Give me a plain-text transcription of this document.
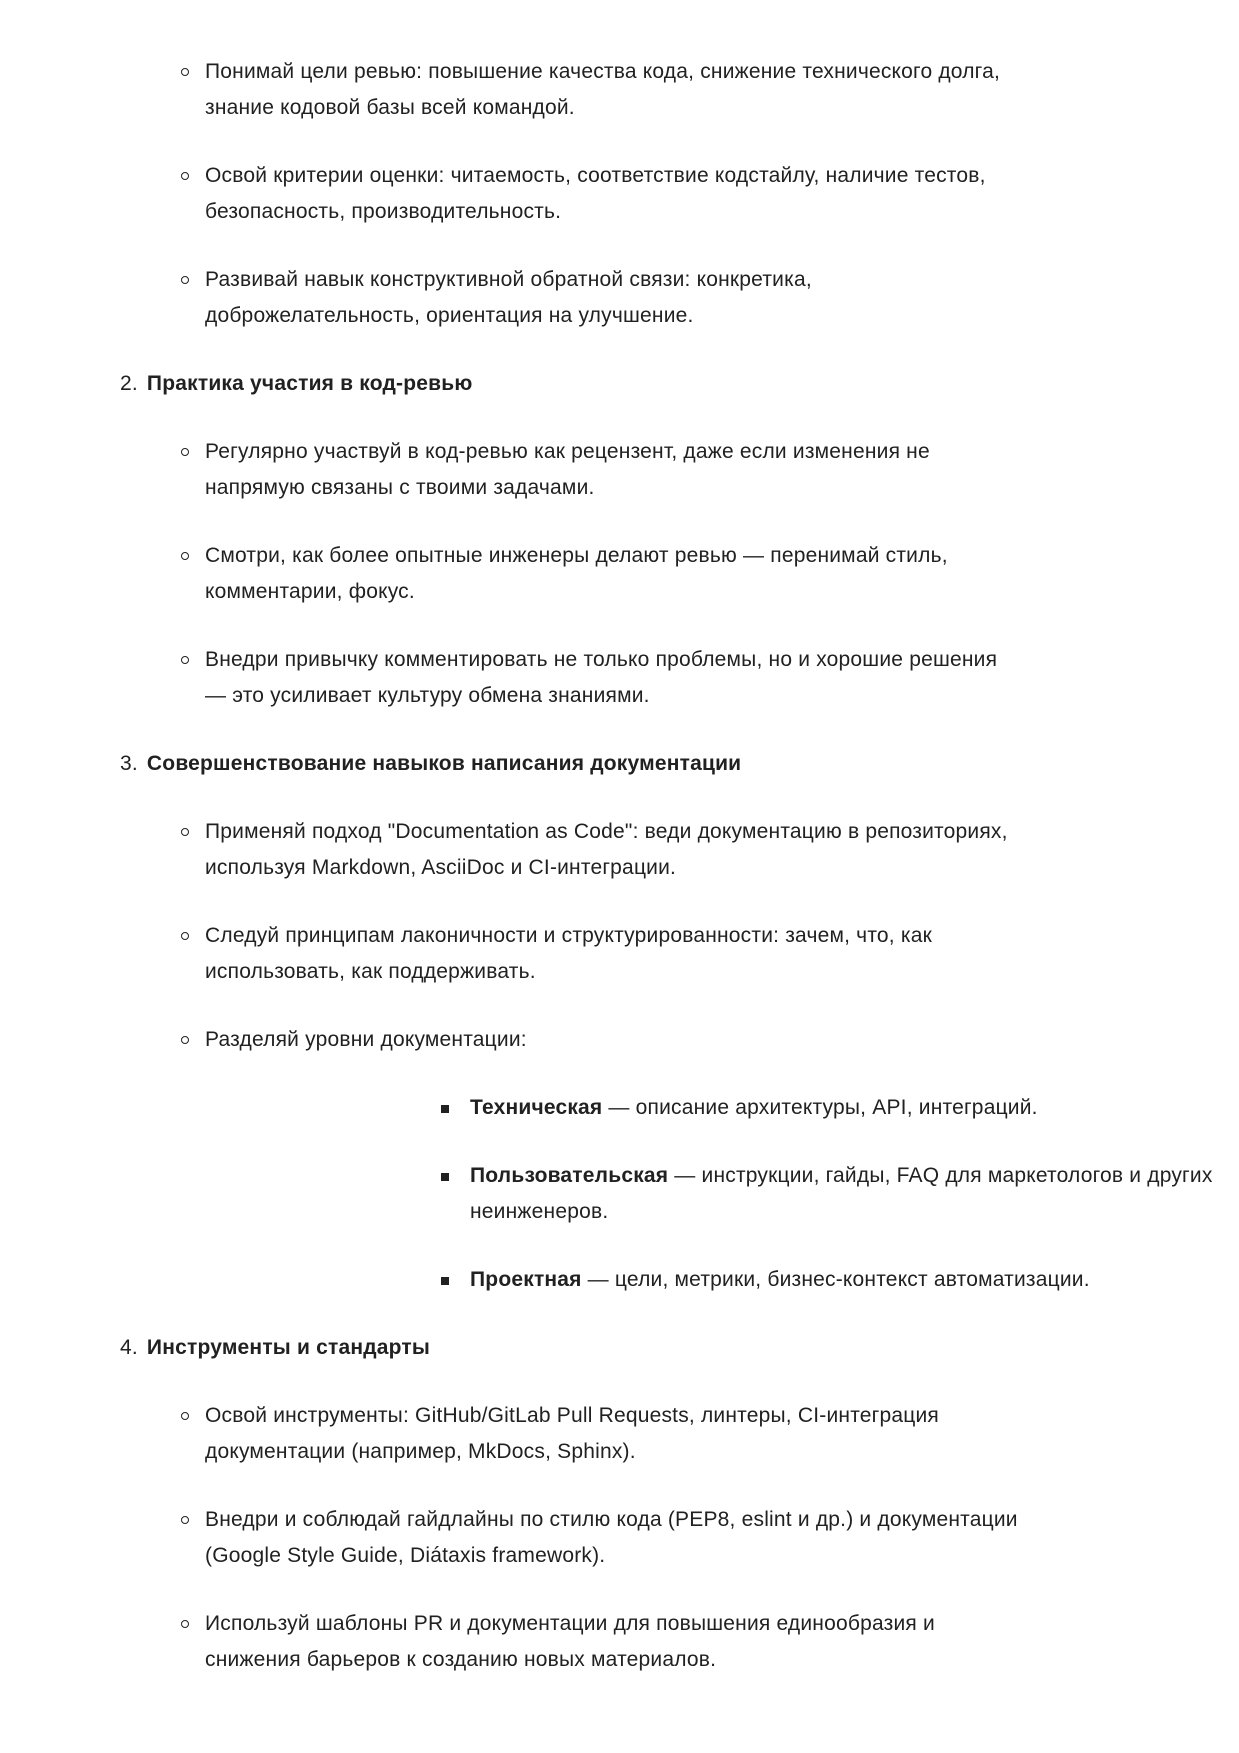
Понимай цели ревью: повышение качества кода, снижение технического долга,
знание кодовой базы всей командой.

Освой критерии оценки: читаемость, соответствие кодстайлу, наличие тестов,
безопасность, производительность.

Развивай навык конструктивной обратной связи: конкретика,
доброжелательность, ориентация на улучшение.

2. Практика участия в код-ревью

Регулярно участвуй в код-ревью как рецензент, даже если изменения не
напрямую связаны с твоими задачами.

Смотри, как более опытные инженеры делают ревью — перенимай стиль,
комментарии, фокус.

Внедри привычку комментировать не только проблемы, но и хорошие решения
— это усиливает культуру обмена знаниями.

3. Совершенствование навыков написания документации

Применяй подход "Documentation as Code": веди документацию в репозиториях,
используя Markdown, AsciiDoc и CI-интеграции.

Следуй принципам лаконичности и структурированности: зачем, что, как
использовать, как поддерживать.

Разделяй уровни документации:

Техническая — описание архитектуры, API, интеграций.

Пользовательская — инструкции, гайды, FAQ для маркетологов и других
неинженеров.

Проектная — цели, метрики, бизнес-контекст автоматизации.

4. Инструменты и стандарты

Освой инструменты: GitHub/GitLab Pull Requests, линтеры, CI-интеграция
документации (например, MkDocs, Sphinx).

Внедри и соблюдай гайдлайны по стилю кода (PEP8, eslint и др.) и документации
(Google Style Guide, Diátaxis framework).

Используй шаблоны PR и документации для повышения единообразия и
снижения барьеров к созданию новых материалов.
